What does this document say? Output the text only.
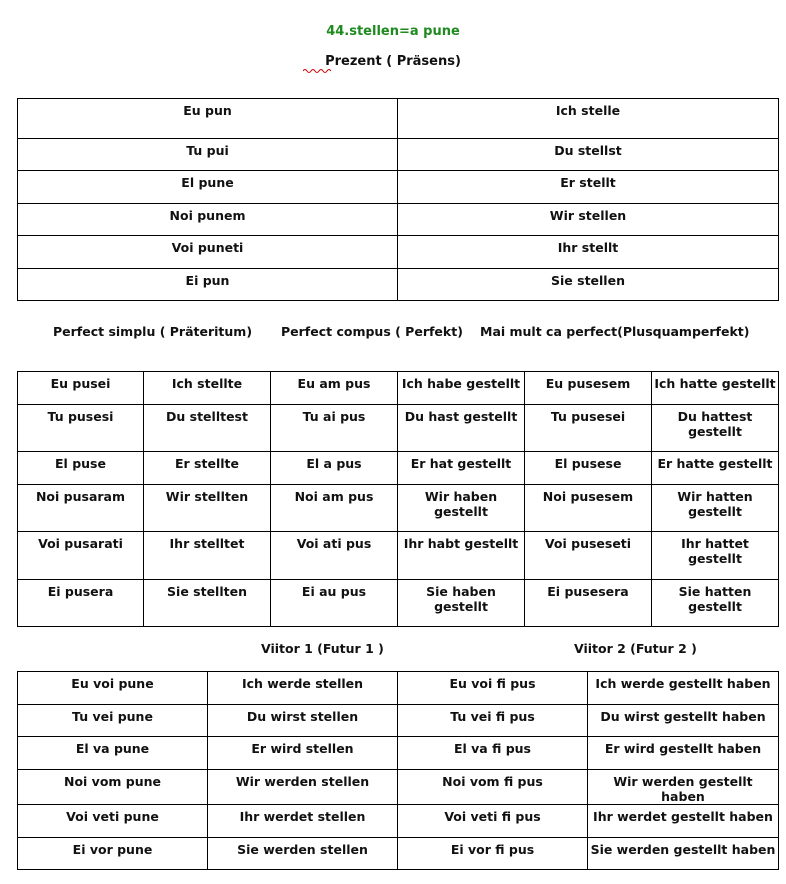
44.stellen=a pune
Prezent ( Präsens)
Eu pun	Ich stelle
Tu pui	Du stellst
El pune	Er stellt
Noi punem	Wir stellen
Voi puneti	Ihr stellt
Ei pun	Sie stellen
Perfect simplu ( Präteritum) Perfect compus ( Perfekt) Mai mult ca perfect(Plusquamperfekt)
Eu pusei	Ich stellte	Eu am pus	Ich habe gestellt	Eu pusesem	Ich hatte gestellt
Tu pusesi	Du stelltest	Tu ai pus	Du hast gestellt	Tu pusesei	Du hattest gestellt
El puse	Er stellte	El a pus	Er hat gestellt	El pusese	Er hatte gestellt
Noi pusaram	Wir stellten	Noi am pus	Wir haben gestellt	Noi pusesem	Wir hatten gestellt
Voi pusarati	Ihr stelltet	Voi ati pus	Ihr habt gestellt	Voi puseseti	Ihr hattet gestellt
Ei pusera	Sie stellten	Ei au pus	Sie haben gestellt	Ei pusesera	Sie hatten gestellt
Viitor 1 (Futur 1 )	Viitor 2 (Futur 2 )
Eu voi pune	Ich werde stellen	Eu voi fi pus	Ich werde gestellt haben
Tu vei pune	Du wirst stellen	Tu vei fi pus	Du wirst gestellt haben
El va pune	Er wird stellen	El va fi pus	Er wird gestellt haben
Noi vom pune	Wir werden stellen	Noi vom fi pus	Wir werden gestellt haben
Voi veti pune	Ihr werdet stellen	Voi veti fi pus	Ihr werdet gestellt haben
Ei vor pune	Sie werden stellen	Ei vor fi pus	Sie werden gestellt haben
